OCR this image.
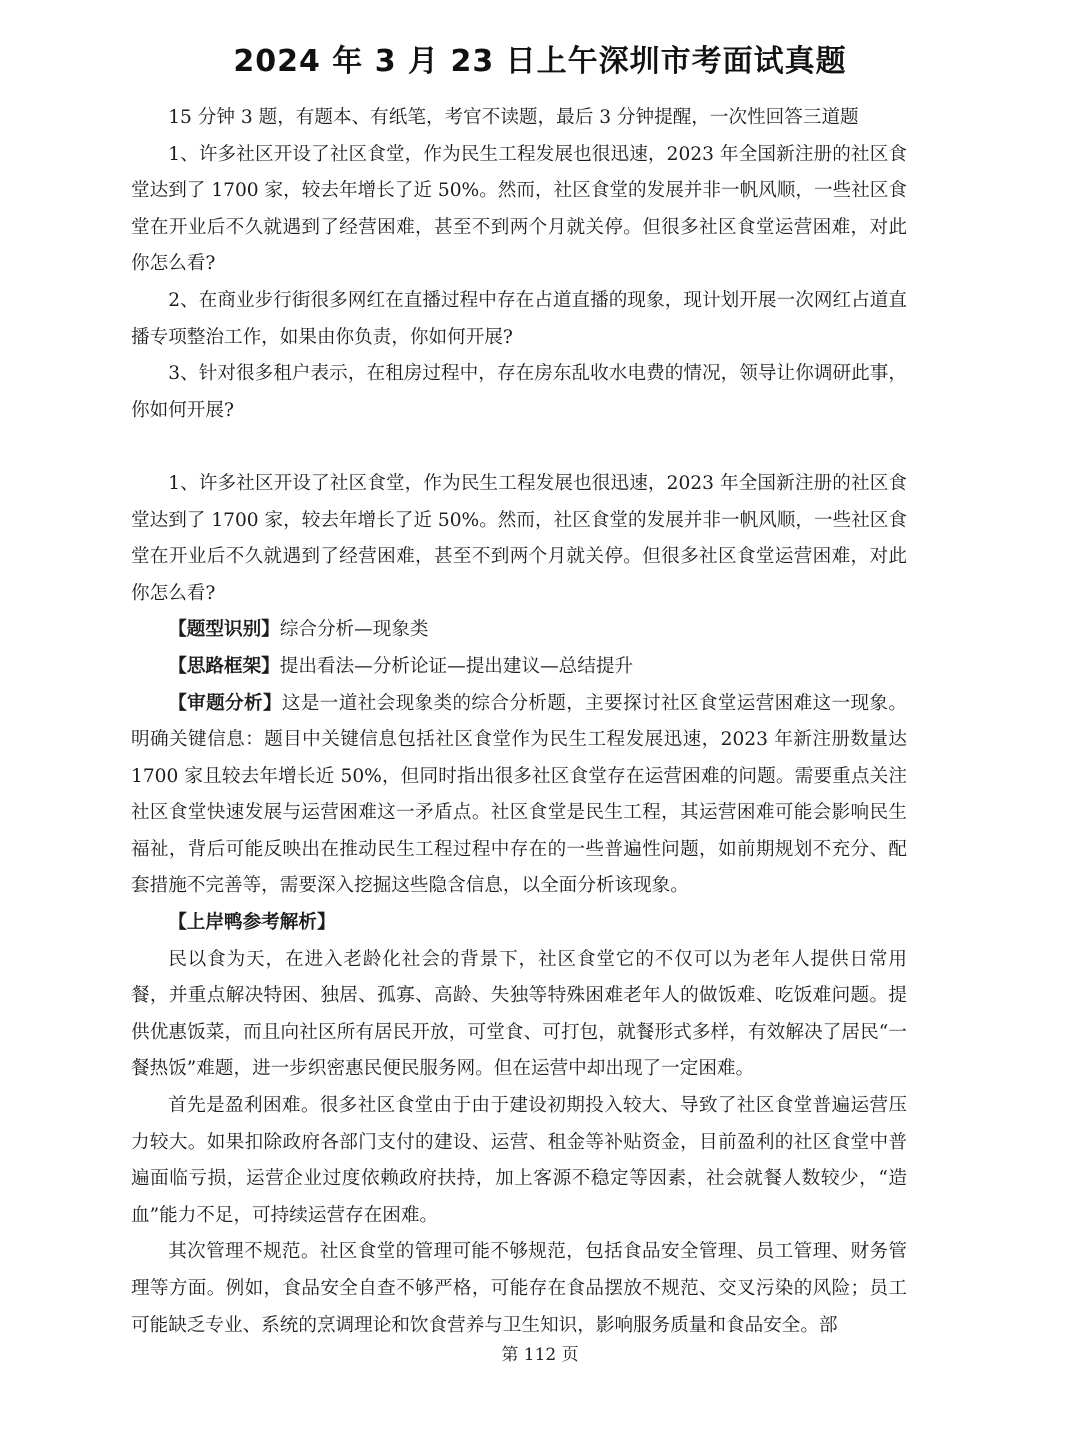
2024 年 3 月 23 日上午深圳市考面试真题

15 分钟 3 题，有题本、有纸笔，考官不读题，最后 3 分钟提醒，一次性回答三道题

1、许多社区开设了社区食堂，作为民生工程发展也很迅速，2023 年全国新注册的社区食堂达到了 1700 家，较去年增长了近 50%。然而，社区食堂的发展并非一帆风顺，一些社区食堂在开业后不久就遇到了经营困难，甚至不到两个月就关停。但很多社区食堂运营困难，对此你怎么看?

2、在商业步行街很多网红在直播过程中存在占道直播的现象，现计划开展一次网红占道直播专项整治工作，如果由你负责，你如何开展?

3、针对很多租户表示，在租房过程中，存在房东乱收水电费的情况，领导让你调研此事，你如何开展?

1、许多社区开设了社区食堂，作为民生工程发展也很迅速，2023 年全国新注册的社区食堂达到了 1700 家，较去年增长了近 50%。然而，社区食堂的发展并非一帆风顺，一些社区食堂在开业后不久就遇到了经营困难，甚至不到两个月就关停。但很多社区食堂运营困难，对此你怎么看?

【题型识别】综合分析—现象类

【思路框架】提出看法—分析论证—提出建议—总结提升

【审题分析】这是一道社会现象类的综合分析题，主要探讨社区食堂运营困难这一现象。明确关键信息：题目中关键信息包括社区食堂作为民生工程发展迅速，2023 年新注册数量达 1700 家且较去年增长近 50%，但同时指出很多社区食堂存在运营困难的问题。需要重点关注社区食堂快速发展与运营困难这一矛盾点。社区食堂是民生工程，其运营困难可能会影响民生福祉，背后可能反映出在推动民生工程过程中存在的一些普遍性问题，如前期规划不充分、配套措施不完善等，需要深入挖掘这些隐含信息，以全面分析该现象。

【上岸鸭参考解析】

民以食为天，在进入老龄化社会的背景下，社区食堂它的不仅可以为老年人提供日常用餐，并重点解决特困、独居、孤寡、高龄、失独等特殊困难老年人的做饭难、吃饭难问题。提供优惠饭菜，而且向社区所有居民开放，可堂食、可打包，就餐形式多样，有效解决了居民“一餐热饭”难题，进一步织密惠民便民服务网。但在运营中却出现了一定困难。

首先是盈利困难。很多社区食堂由于由于建设初期投入较大、导致了社区食堂普遍运营压力较大。如果扣除政府各部门支付的建设、运营、租金等补贴资金，目前盈利的社区食堂中普遍面临亏损，运营企业过度依赖政府扶持，加上客源不稳定等因素，社会就餐人数较少，“造血”能力不足，可持续运营存在困难。

其次管理不规范。社区食堂的管理可能不够规范，包括食品安全管理、员工管理、财务管理等方面。例如，食品安全自查不够严格，可能存在食品摆放不规范、交叉污染的风险；员工可能缺乏专业、系统的烹调理论和饮食营养与卫生知识，影响服务质量和食品安全。部

第 112 页
